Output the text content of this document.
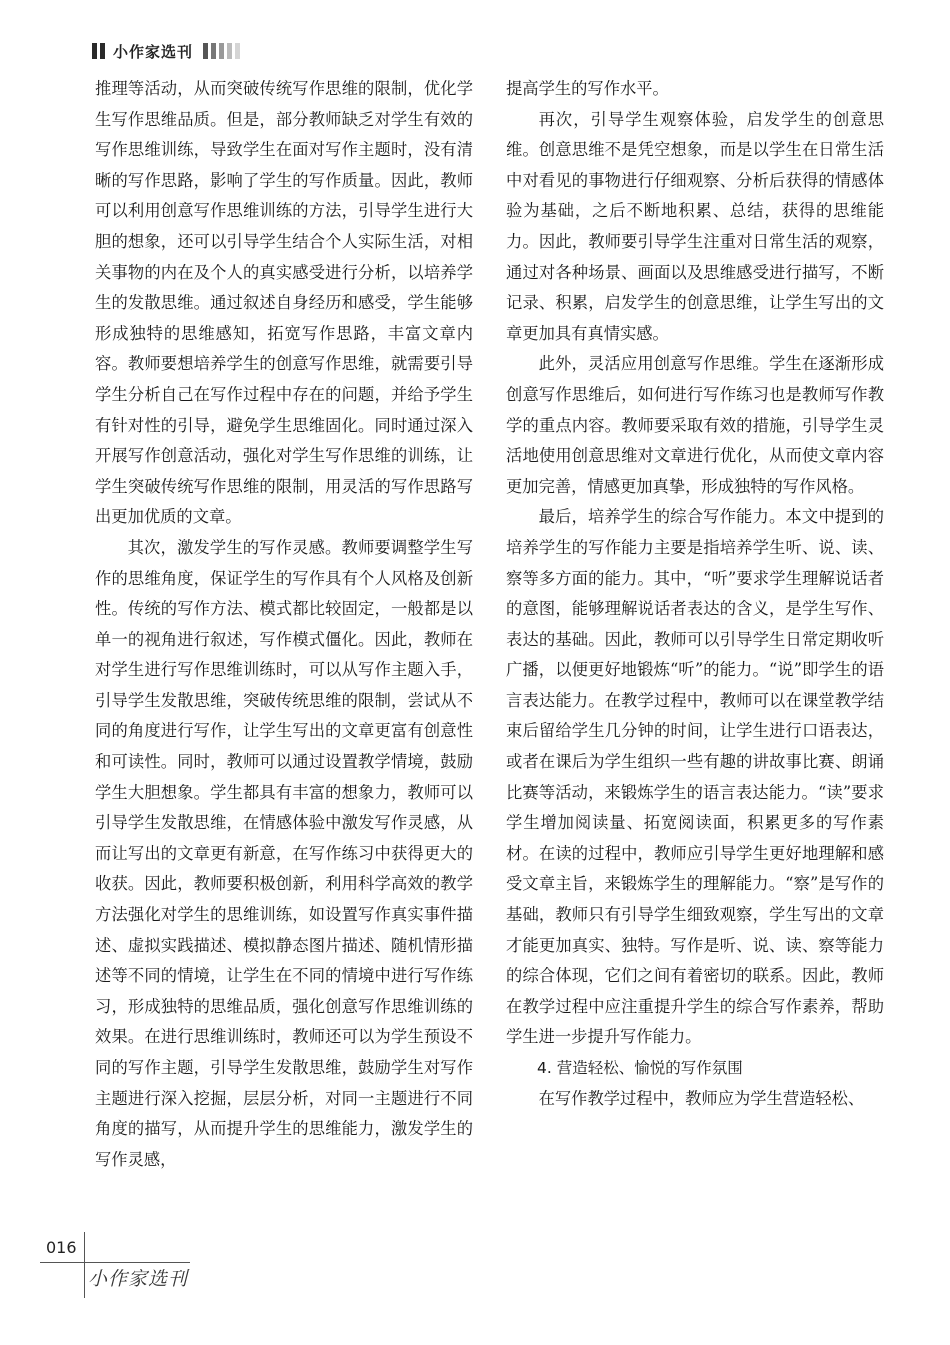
小作家选刊

推理等活动，从而突破传统写作思维的限制，优化学生写作思维品质。但是，部分教师缺乏对学生有效的写作思维训练，导致学生在面对写作主题时，没有清晰的写作思路，影响了学生的写作质量。因此，教师可以利用创意写作思维训练的方法，引导学生进行大胆的想象，还可以引导学生结合个人实际生活，对相关事物的内在及个人的真实感受进行分析，以培养学生的发散思维。通过叙述自身经历和感受，学生能够形成独特的思维感知，拓宽写作思路，丰富文章内容。教师要想培养学生的创意写作思维，就需要引导学生分析自己在写作过程中存在的问题，并给予学生有针对性的引导，避免学生思维固化。同时通过深入开展写作创意活动，强化对学生写作思维的训练，让学生突破传统写作思维的限制，用灵活的写作思路写出更加优质的文章。

其次，激发学生的写作灵感。教师要调整学生写作的思维角度，保证学生的写作具有个人风格及创新性。传统的写作方法、模式都比较固定，一般都是以单一的视角进行叙述，写作模式僵化。因此，教师在对学生进行写作思维训练时，可以从写作主题入手，引导学生发散思维，突破传统思维的限制，尝试从不同的角度进行写作，让学生写出的文章更富有创意性和可读性。同时，教师可以通过设置教学情境，鼓励学生大胆想象。学生都具有丰富的想象力，教师可以引导学生发散思维，在情感体验中激发写作灵感，从而让写出的文章更有新意，在写作练习中获得更大的收获。因此，教师要积极创新，利用科学高效的教学方法强化对学生的思维训练，如设置写作真实事件描述、虚拟实践描述、模拟静态图片描述、随机情形描述等不同的情境，让学生在不同的情境中进行写作练习，形成独特的思维品质，强化创意写作思维训练的效果。在进行思维训练时，教师还可以为学生预设不同的写作主题，引导学生发散思维，鼓励学生对写作主题进行深入挖掘，层层分析，对同一主题进行不同角度的描写，从而提升学生的思维能力，激发学生的写作灵感，

提高学生的写作水平。

再次，引导学生观察体验，启发学生的创意思维。创意思维不是凭空想象，而是以学生在日常生活中对看见的事物进行仔细观察、分析后获得的情感体验为基础，之后不断地积累、总结，获得的思维能力。因此，教师要引导学生注重对日常生活的观察，通过对各种场景、画面以及思维感受进行描写，不断记录、积累，启发学生的创意思维，让学生写出的文章更加具有真情实感。

此外，灵活应用创意写作思维。学生在逐渐形成创意写作思维后，如何进行写作练习也是教师写作教学的重点内容。教师要采取有效的措施，引导学生灵活地使用创意思维对文章进行优化，从而使文章内容更加完善，情感更加真挚，形成独特的写作风格。

最后，培养学生的综合写作能力。本文中提到的培养学生的写作能力主要是指培养学生听、说、读、察等多方面的能力。其中，“听”要求学生理解说话者的意图，能够理解说话者表达的含义，是学生写作、表达的基础。因此，教师可以引导学生日常定期收听广播，以便更好地锻炼“听”的能力。“说”即学生的语言表达能力。在教学过程中，教师可以在课堂教学结束后留给学生几分钟的时间，让学生进行口语表达，或者在课后为学生组织一些有趣的讲故事比赛、朗诵比赛等活动，来锻炼学生的语言表达能力。“读”要求学生增加阅读量、拓宽阅读面，积累更多的写作素材。在读的过程中，教师应引导学生更好地理解和感受文章主旨，来锻炼学生的理解能力。“察”是写作的基础，教师只有引导学生细致观察，学生写出的文章才能更加真实、独特。写作是听、说、读、察等能力的综合体现，它们之间有着密切的联系。因此，教师在教学过程中应注重提升学生的综合写作素养，帮助学生进一步提升写作能力。

4. 营造轻松、愉悦的写作氛围

在写作教学过程中，教师应为学生营造轻松、

016
小作家选刊
